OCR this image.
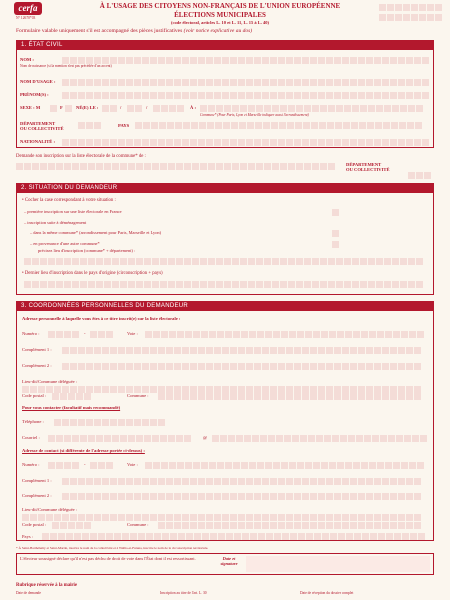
cerfa
N° 12670*03
À L'USAGE DES CITOYENS NON-FRANÇAIS DE L'UNION EUROPÉENNE
ÉLECTIONS MUNICIPALES
(code électoral, articles L. 10 et L. 11, L. 15 à L. 40)
Formulaire valable uniquement s'il est accompagné des pièces justificatives (voir notice explicative au dos)
1. ÉTAT CIVIL
NOM :
Nom de naissance (si la mention n'est pas précédée d'un accent)
NOM D'USAGE :
PRÉNOM(S) :
SEXE : M	F	NÉ(E) LE :	/	/	À :
Commune* (Pour Paris, Lyon et Marseille indiquer aussi l'arrondissement)
DÉPARTEMENT
OU COLLECTIVITÉ
PAYS
NATIONALITÉ :
Demande son inscription sur la liste électorale de la commune* de :
DÉPARTEMENT
OU COLLECTIVITÉ
2. SITUATION DU DEMANDEUR
• Cocher la case correspondant à votre situation :
– première inscription sur une liste électorale en France
– inscription suite à déménagement
– dans la même commune* (arrondissement pour Paris, Marseille et Lyon)
– en provenance d'une autre commune*
précisez lieu d'inscription (commune* + département) :
• Dernier lieu d'inscription dans le pays d'origine (circonscription + pays)
3. COORDONNÉES PERSONNELLES DU DEMANDEUR
Adresse personnelle à laquelle vous êtes à ce titre inscrit(e) sur la liste électorale :
Numéro :	-	Voie :
Complément 1 :
Complément 2 :
Lieu-dit/Commune déléguée :
Code postal :	Commune :
Pour vous contacter (facultatif mais recommandé)
Téléphone :
Courriel :	@
Adresse de contact (si différente de l'adresse portée ci-dessus) :
Numéro :	-	Voie :
Complément 1 :
Complément 2 :
Lieu-dit/Commune déléguée :
Code postal :	Commune :
Pays :
* À Saint-Barthélemy et Saint-Martin, inscrire le nom de la collectivité et à Wallis-et-Futuna, inscrire le nom de la circonscription territoriale.
L'électeur soussigné déclare qu'il n'est pas déchu de droit de vote dans l'État dont il est ressortissant.	Date et signature
Rubrique réservée à la mairie
Date de demande	Inscription au titre de l'art. L. 30	Date de réception du dossier complet
